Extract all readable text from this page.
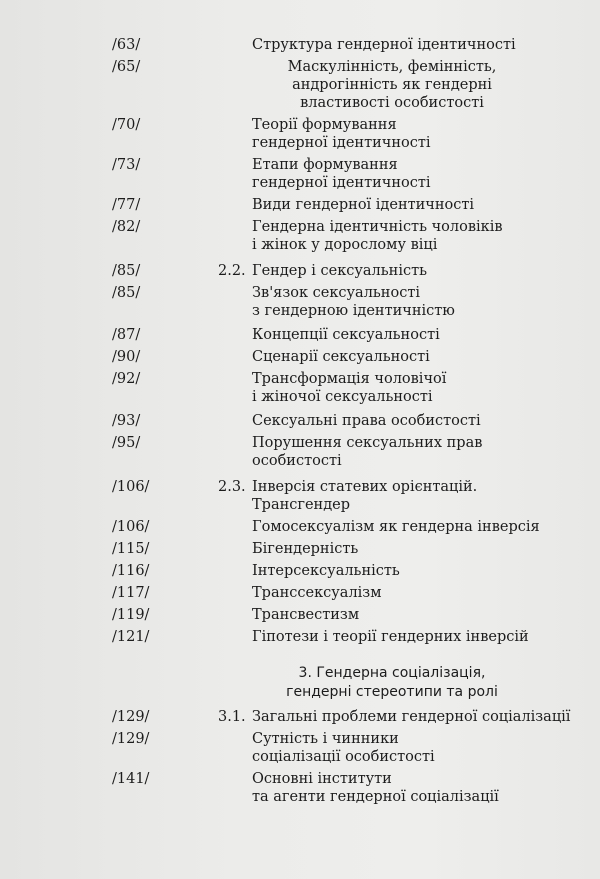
/63/	Структура гендерної ідентичності
/65/	Маскулінність, фемінність,
андрогінність як гендерні
властивості особистості
/70/	Теорії формування
гендерної ідентичності
/73/	Етапи формування
гендерної ідентичності
/77/	Види гендерної ідентичності
/82/	Гендерна ідентичність чоловіків
і жінок у дорослому віці
/85/	2.2. Гендер і сексуальність
/85/	Зв'язок сексуальності
з гендерною ідентичністю
/87/	Концепції сексуальності
/90/	Сценарії сексуальності
/92/	Трансформація чоловічої
і жіночої сексуальності
/93/	Сексуальні права особистості
/95/	Порушення сексуальних прав
особистості
/106/	2.3. Інверсія статевих орієнтацій.
Трансгендер
/106/	Гомосексуалізм як гендерна інверсія
/115/	Бігендерність
/116/	Інтерсексуальність
/117/	Транссексуалізм
/119/	Трансвестизм
/121/	Гіпотези і теорії гендерних інверсій
3. Гендерна соціалізація,
гендерні стереотипи та ролі
/129/	3.1. Загальні проблеми гендерної соціалізації
/129/	Сутність і чинники
соціалізації особистості
/141/	Основні інститути
та агенти гендерної соціалізації
